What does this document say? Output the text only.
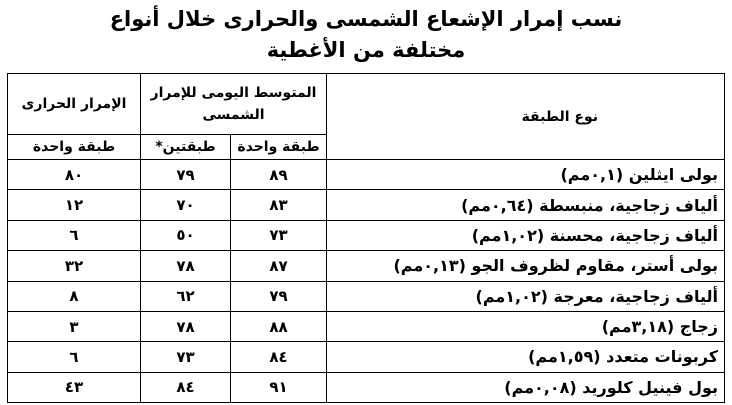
نسب إمرار الإشعاع الشمسى والحرارى خلال أنواع
مختلفة من الأغطية
نوع الطبقة	المتوسط اليومى للإمرار الشمسى		الإمرار الحرارى
	طبقة واحدة	طبقتين*	طبقة واحدة
بولى ايثلين (٠,١مم)	٨٩	٧٩	٨٠
ألياف زجاجية، منبسطة (٠,٦٤مم)	٨٣	٧٠	١٢
ألياف زجاجية، محسنة (١,٠٢مم)	٧٣	٥٠	٦
بولى أستر، مقاوم لظروف الجو (٠,١٣مم)	٨٧	٧٨	٣٢
ألياف زجاجية، معرجة (١,٠٢مم)	٧٩	٦٢	٨
زجاج (٣,١٨مم)	٨٨	٧٨	٣
كربونات متعدد (١,٥٩مم)	٨٤	٧٣	٦
بول فينيل كلوريد (٠,٠٨مم)	٩١	٨٤	٤٣
